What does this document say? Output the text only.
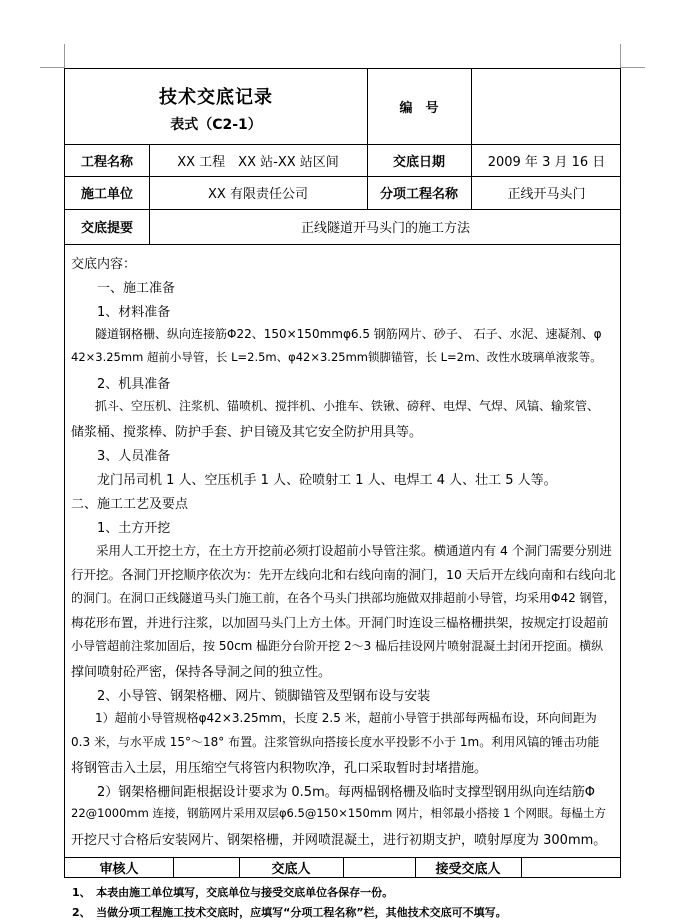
技术交底记录
表式（C2-1）
编　号
工程名称	XX 工程　XX 站-XX 站区间	交底日期	2009 年 3 月 16 日
施工单位	XX 有限责任公司	分项工程名称	正线开马头门
交底提要	正线隧道开马头门的施工方法
交底内容：
　　一、施工准备
　　1、材料准备
　　隧道钢格栅、纵向连接筋Φ22、150×150mmφ6.5 钢筋网片、砂子、 石子、水泥、速凝剂、φ
42×3.25mm 超前小导管，长 L=2.5m、φ42×3.25mm锁脚锚管，长 L=2m、改性水玻璃单液浆等。
　　2、机具准备
　　抓斗、空压机、注浆机、锚喷机、搅拌机、小推车、铁锹、磅秤、电焊、气焊、风镐、输浆管、
储浆桶、搅浆棒、防护手套、护目镜及其它安全防护用具等。
　　3、人员准备
　　龙门吊司机 1 人、空压机手 1 人、砼喷射工 1 人、电焊工 4 人、壮工 5 人等。
二、施工工艺及要点
　　1、土方开挖
　　采用人工开挖土方，在土方开挖前必须打设超前小导管注浆。横通道内有 4 个洞门需要分别进
行开挖。各洞门开挖顺序依次为：先开左线向北和右线向南的洞门，10 天后开左线向南和右线向北
的洞门。在洞口正线隧道马头门施工前，在各个马头门拱部均施做双排超前小导管，均采用Φ42 钢管，
梅花形布置，并进行注浆，以加固马头门上方土体。开洞门时连设三榀格栅拱架，按规定打设超前
小导管超前注浆加固后，按 50cm 榀距分台阶开挖 2～3 榀后挂设网片喷射混凝土封闭开挖面。横纵
撑间喷射砼严密，保持各导洞之间的独立性。
　　2、小导管、钢架格栅、网片、锁脚锚管及型钢布设与安装
　　1）超前小导管规格φ42×3.25mm，长度 2.5 米，超前小导管于拱部每两榀布设，环向间距为
0.3 米，与水平成 15°～18° 布置。注浆管纵向搭接长度水平投影不小于 1m。利用风镐的锤击功能
将钢管击入土层，用压缩空气将管内积物吹净，孔口采取暂时封堵措施。
　　2）钢架格栅间距根据设计要求为 0.5m。每两榀钢格栅及临时支撑型钢用纵向连结筋Φ
22@1000mm 连接，钢筋网片采用双层φ6.5@150×150mm 网片，相邻最小搭接 1 个网眼。每榀土方
开挖尺寸合格后安装网片、钢架格栅，并网喷混凝土，进行初期支护，喷射厚度为 300mm。
审核人	交底人	接受交底人
1、　本表由施工单位填写，交底单位与接受交底单位各保存一份。
2、　当做分项工程施工技术交底时，应填写“分项工程名称”栏，其他技术交底可不填写。
